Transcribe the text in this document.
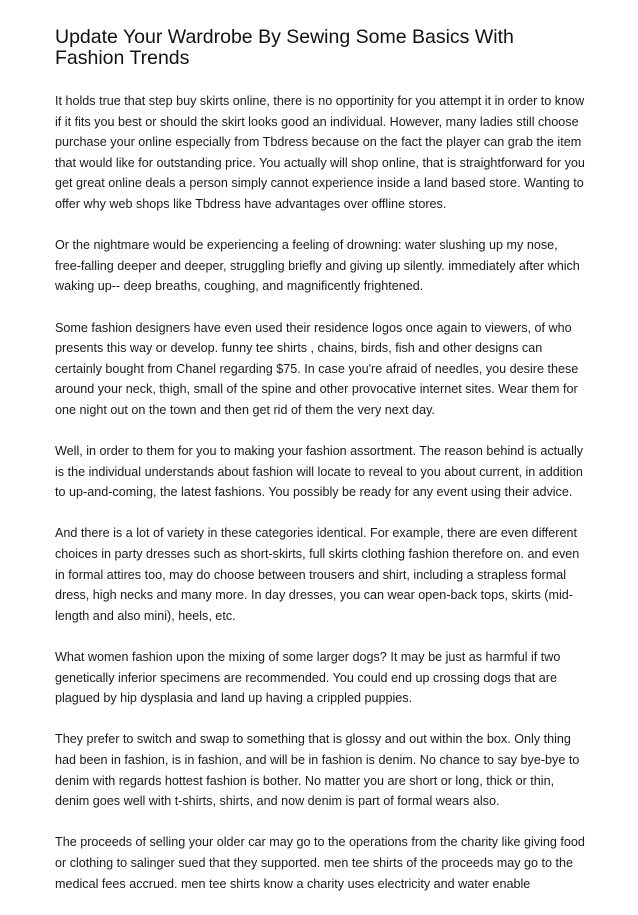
Update Your Wardrobe By Sewing Some Basics With Fashion Trends

It holds true that step buy skirts online, there is no opportinity for you attempt it in order to know if it fits you best or should the skirt looks good an individual. However, many ladies still choose purchase your online especially from Tbdress because on the fact the player can grab the item that would like for outstanding price. You actually will shop online, that is straightforward for you get great online deals a person simply cannot experience inside a land based store. Wanting to offer why web shops like Tbdress have advantages over offline stores.

Or the nightmare would be experiencing a feeling of drowning: water slushing up my nose, free-falling deeper and deeper, struggling briefly and giving up silently. immediately after which waking up-- deep breaths, coughing, and magnificently frightened.

Some fashion designers have even used their residence logos once again to viewers, of who presents this way or develop. funny tee shirts , chains, birds, fish and other designs can certainly bought from Chanel regarding $75. In case you're afraid of needles, you desire these around your neck, thigh, small of the spine and other provocative internet sites. Wear them for one night out on the town and then get rid of them the very next day.

Well, in order to them for you to making your fashion assortment. The reason behind is actually is the individual understands about fashion will locate to reveal to you about current, in addition to up-and-coming, the latest fashions. You possibly be ready for any event using their advice.

And there is a lot of variety in these categories identical. For example, there are even different choices in party dresses such as short-skirts, full skirts clothing fashion therefore on. and even in formal attires too, may do choose between trousers and shirt, including a strapless formal dress, high necks and many more. In day dresses, you can wear open-back tops, skirts (mid-length and also mini), heels, etc.

What women fashion upon the mixing of some larger dogs? It may be just as harmful if two genetically inferior specimens are recommended. You could end up crossing dogs that are plagued by hip dysplasia and land up having a crippled puppies.

They prefer to switch and swap to something that is glossy and out within the box. Only thing had been in fashion, is in fashion, and will be in fashion is denim. No chance to say bye-bye to denim with regards hottest fashion is bother. No matter you are short or long, thick or thin, denim goes well with t-shirts, shirts, and now denim is part of formal wears also.

The proceeds of selling your older car may go to the operations from the charity like giving food or clothing to salinger sued that they supported. men tee shirts of the proceeds may go to the medical fees accrued. men tee shirts know a charity uses electricity and water enable
